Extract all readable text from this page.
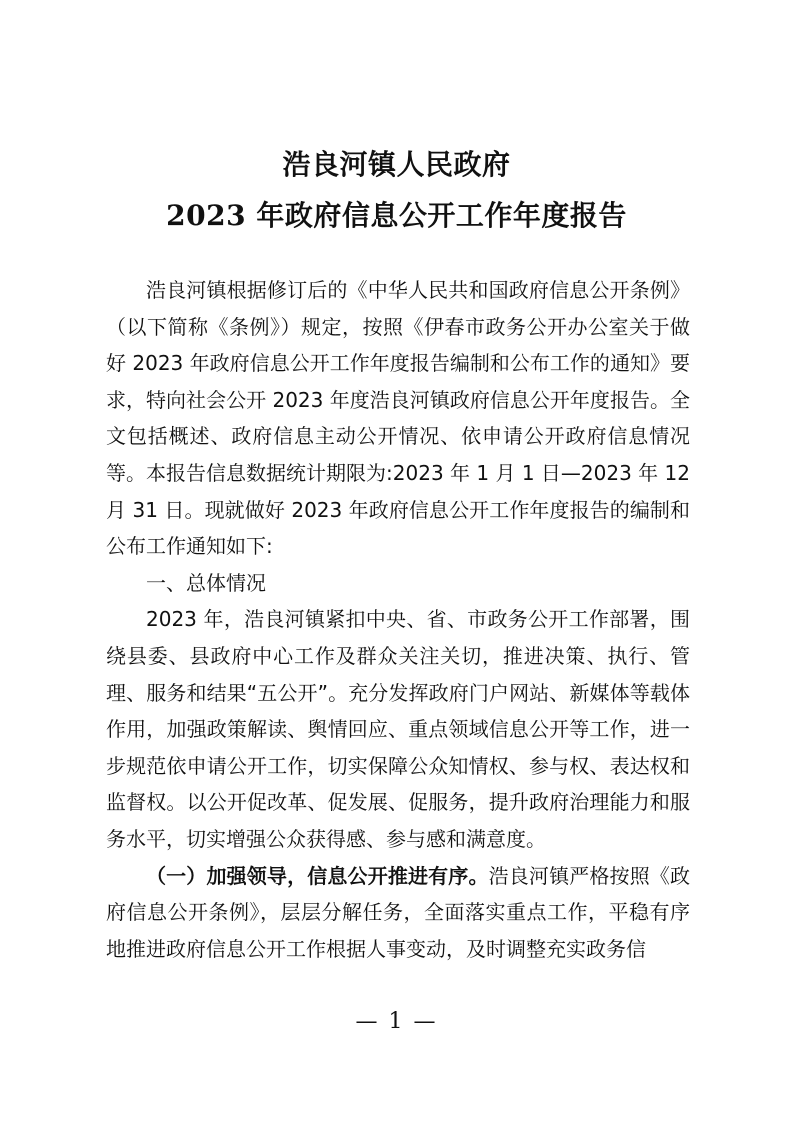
浩良河镇人民政府
2023 年政府信息公开工作年度报告

浩良河镇根据修订后的《中华人民共和国政府信息公开条例》（以下简称《条例》）规定，按照《伊春市政务公开办公室关于做好 2023 年政府信息公开工作年度报告编制和公布工作的通知》要求，特向社会公开 2023 年度浩良河镇政府信息公开年度报告。全文包括概述、政府信息主动公开情况、依申请公开政府信息情况等。本报告信息数据统计期限为:2023 年 1 月 1 日—2023 年 12 月 31 日。现就做好 2023 年政府信息公开工作年度报告的编制和公布工作通知如下:

一、总体情况

2023 年，浩良河镇紧扣中央、省、市政务公开工作部署，围绕县委、县政府中心工作及群众关注关切，推进决策、执行、管理、服务和结果“五公开”。充分发挥政府门户网站、新媒体等载体作用，加强政策解读、舆情回应、重点领域信息公开等工作，进一步规范依申请公开工作，切实保障公众知情权、参与权、表达权和监督权。以公开促改革、促发展、促服务，提升政府治理能力和服务水平，切实增强公众获得感、参与感和满意度。

（一）加强领导，信息公开推进有序。浩良河镇严格按照《政府信息公开条例》，层层分解任务，全面落实重点工作，平稳有序地推进政府信息公开工作根据人事变动，及时调整充实政务信

— 1 —
